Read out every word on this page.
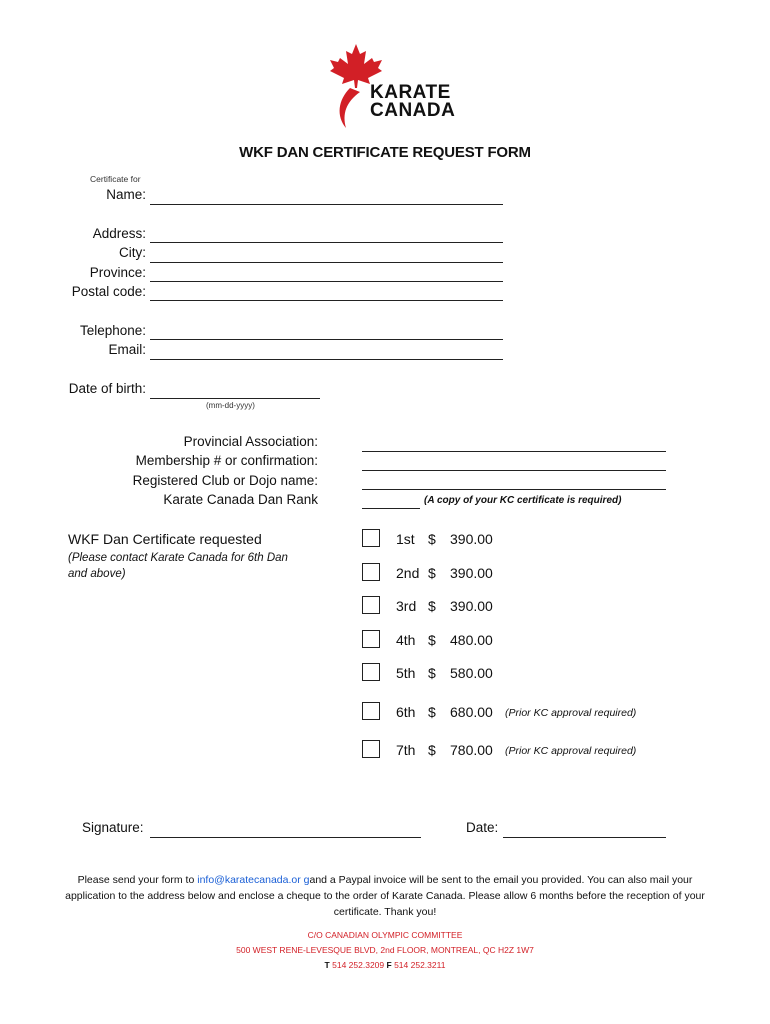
KARATE
CANADA
WKF DAN CERTIFICATE REQUEST FORM
Certificate for
Name:
Address:
City:
Province:
Postal code:
Telephone:
Email:
Date of birth:
(mm-dd-yyyy)
Provincial Association:
Membership # or confirmation:
Registered Club or Dojo name:
Karate Canada Dan Rank	(A copy of your KC certificate is required)
WKF Dan Certificate requested
(Please contact Karate Canada for 6th Dan and above)
1st $ 390.00
2nd $ 390.00
3rd $ 390.00
4th $ 480.00
5th $ 580.00
6th $ 680.00 (Prior KC approval required)
7th $ 780.00 (Prior KC approval required)
Signature:	Date:
Please send your form to info@karatecanada.or gand a Paypal invoice will be sent to the email you provided. You can also mail your application to the address below and enclose a cheque to the order of Karate Canada. Please allow 6 months before the reception of your certificate. Thank you!
C/O CANADIAN OLYMPIC COMMITTEE
500 WEST RENE-LEVESQUE BLVD, 2nd FLOOR, MONTREAL, QC H2Z 1W7
T 514 252.3209 F 514 252.3211
